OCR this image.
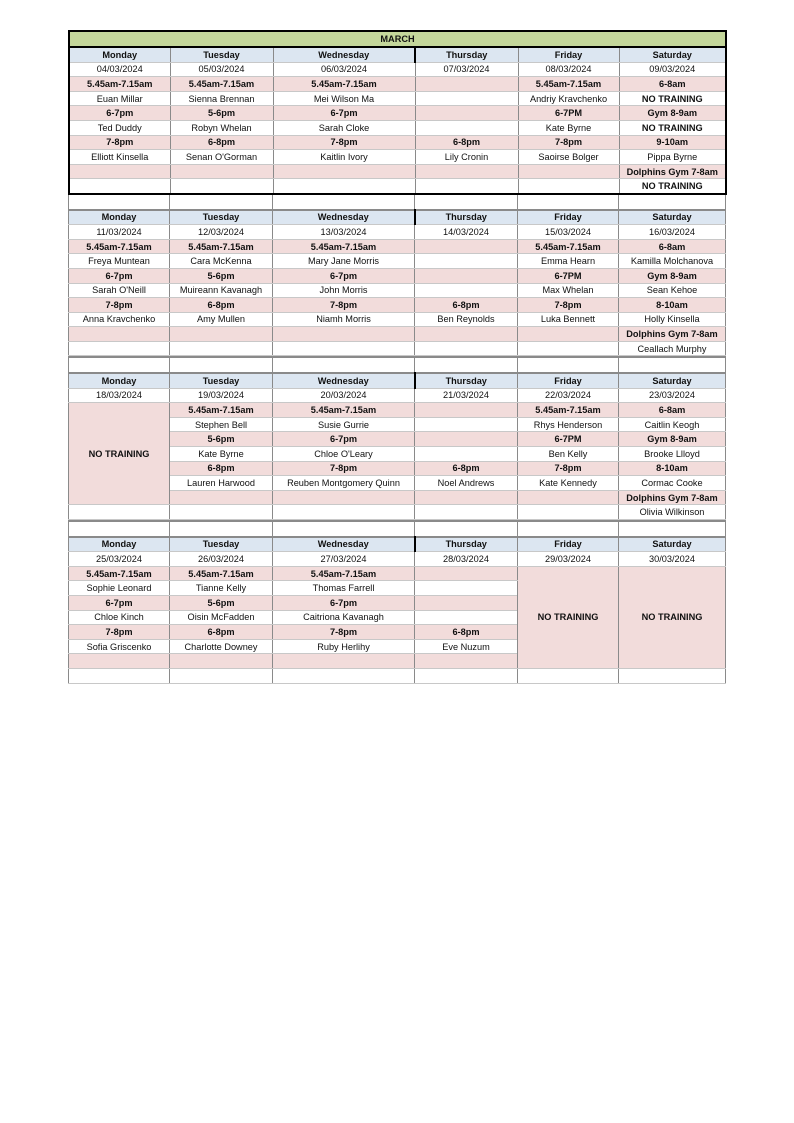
MARCH					
Monday	Tuesday	Wednesday	Thursday	Friday	Saturday
04/03/2024	05/03/2024	06/03/2024	07/03/2024	08/03/2024	09/03/2024
5.45am-7.15am	5.45am-7.15am	5.45am-7.15am		5.45am-7.15am	6-8am
Euan Millar	Sienna Brennan	Mei Wilson Ma		Andriy Kravchenko	NO TRAINING
6-7pm	5-6pm	6-7pm		6-7PM	Gym 8-9am
Ted Duddy	Robyn Whelan	Sarah Cloke		Kate Byrne	NO TRAINING
7-8pm	6-8pm	7-8pm	6-8pm	7-8pm	9-10am
Elliott Kinsella	Senan O'Gorman	Kaitlin Ivory	Lily Cronin	Saoirse Bolger	Pippa Byrne
					Dolphins Gym 7-8am
					NO TRAINING

Monday	Tuesday	Wednesday	Thursday	Friday	Saturday
11/03/2024	12/03/2024	13/03/2024	14/03/2024	15/03/2024	16/03/2024
5.45am-7.15am	5.45am-7.15am	5.45am-7.15am		5.45am-7.15am	6-8am
Freya Muntean	Cara McKenna	Mary Jane Morris		Emma Hearn	Kamilla Molchanova
6-7pm	5-6pm	6-7pm		6-7PM	Gym 8-9am
Sarah O'Neill	Muireann Kavanagh	John Morris		Max Whelan	Sean Kehoe
7-8pm	6-8pm	7-8pm	6-8pm	7-8pm	8-10am
Anna Kravchenko	Amy Mullen	Niamh Morris	Ben Reynolds	Luka Bennett	Holly Kinsella
					Dolphins Gym 7-8am
					Ceallach Murphy

Monday	Tuesday	Wednesday	Thursday	Friday	Saturday
18/03/2024	19/03/2024	20/03/2024	21/03/2024	22/03/2024	23/03/2024
NO TRAINING	5.45am-7.15am	5.45am-7.15am		5.45am-7.15am	6-8am
	Stephen Bell	Susie Gurrie		Rhys Henderson	Caitlin Keogh
	5-6pm	6-7pm		6-7PM	Gym 8-9am
	Kate Byrne	Chloe O'Leary		Ben Kelly	Brooke Llloyd
	6-8pm	7-8pm	6-8pm	7-8pm	8-10am
	Lauren Harwood	Reuben Montgomery Quinn	Noel Andrews	Kate Kennedy	Cormac Cooke
					Dolphins Gym 7-8am
					Olivia Wilkinson

Monday	Tuesday	Wednesday	Thursday	Friday	Saturday
25/03/2024	26/03/2024	27/03/2024	28/03/2024	29/03/2024	30/03/2024
5.45am-7.15am	5.45am-7.15am	5.45am-7.15am		NO TRAINING	NO TRAINING
Sophie Leonard	Tianne Kelly	Thomas Farrell			
6-7pm	5-6pm	6-7pm			
Chloe Kinch	Oisin McFadden	Caitriona Kavanagh			
7-8pm	6-8pm	7-8pm	6-8pm		
Sofia Griscenko	Charlotte Downey	Ruby Herlihy	Eve Nuzum		
